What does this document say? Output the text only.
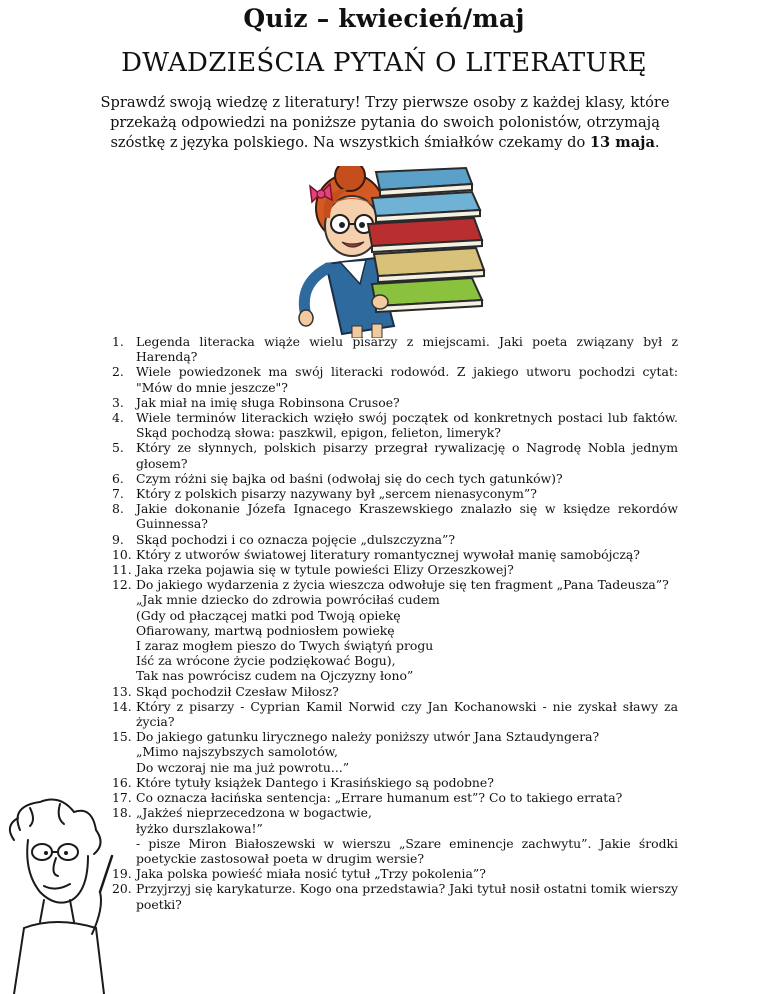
Quiz – kwiecień/maj
DWADZIEŚCIA PYTAŃ O LITERATURĘ
Sprawdź swoją wiedzę z literatury! Trzy pierwsze osoby z każdej klasy, które przekażą odpowiedzi na poniższe pytania do swoich polonistów, otrzymają szóstkę z języka polskiego. Na wszystkich śmiałków czekamy do 13 maja.
1. Legenda literacka wiąże wielu pisarzy z miejscami. Jaki poeta związany był z Harendą?
2. Wiele powiedzonek ma swój literacki rodowód. Z jakiego utworu pochodzi cytat: "Mów do mnie jeszcze"?
3. Jak miał na imię sługa Robinsona Crusoe?
4. Wiele terminów literackich wzięło swój początek od konkretnych postaci lub faktów. Skąd pochodzą słowa: paszkwil, epigon, felieton, limeryk?
5. Który ze słynnych, polskich pisarzy przegrał rywalizację o Nagrodę Nobla jednym głosem?
6. Czym różni się bajka od baśni (odwołaj się do cech tych gatunków)?
7. Który z polskich pisarzy nazywany był „sercem nienasyconym”?
8. Jakie dokonanie Józefa Ignacego Kraszewskiego znalazło się w księdze rekordów Guinnessa?
9. Skąd pochodzi i co oznacza pojęcie „dulszczyzna”?
10. Który z utworów światowej literatury romantycznej wywołał manię samobójczą?
11. Jaka rzeka pojawia się w tytule powieści Elizy Orzeszkowej?
12. Do jakiego wydarzenia z życia wieszcza odwołuje się ten fragment „Pana Tadeusza”?
„Jak mnie dziecko do zdrowia powróciłaś cudem
(Gdy od płaczącej matki pod Twoją opiekę
Ofiarowany, martwą podniosłem powiekę
I zaraz mogłem pieszo do Twych świątyń progu
Iść za wrócone życie podziękować Bogu),
Tak nas powrócisz cudem na Ojczyzny łono”
13. Skąd pochodził Czesław Miłosz?
14. Który z pisarzy - Cyprian Kamil Norwid czy Jan Kochanowski - nie zyskał sławy za życia?
15. Do jakiego gatunku lirycznego należy poniższy utwór Jana Sztaudyngera?
„Mimo najszybszych samolotów,
Do wczoraj nie ma już powrotu...”
16. Które tytuły książek Dantego i Krasińskiego są podobne?
17. Co oznacza łacińska sentencja: „Errare humanum est”? Co to takiego errata?
18. „Jakżeś nieprzecedzona w bogactwie,
łyżko durszlakowa!”
- pisze Miron Białoszewski w wierszu „Szare eminencje zachwytu”. Jakie środki poetyckie zastosował poeta w drugim wersie?
19. Jaka polska powieść miała nosić tytuł „Trzy pokolenia”?
20. Przyjrzyj się karykaturze. Kogo ona przedstawia? Jaki tytuł nosił ostatni tomik wierszy poetki?
